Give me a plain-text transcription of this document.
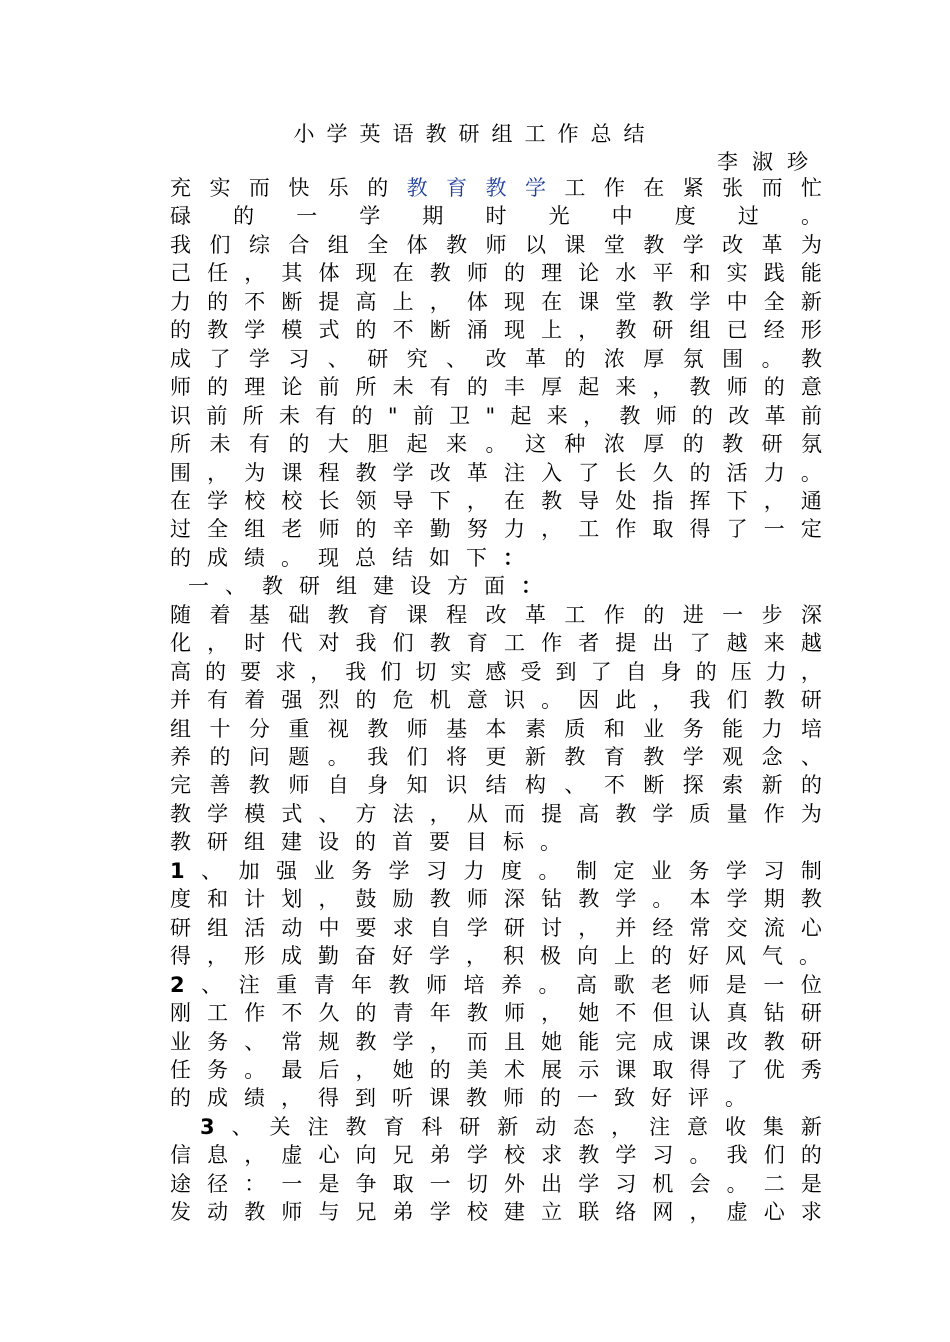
小学英语教研组工作总结
李淑珍
充 实 而 快 乐 的 教 育 教 学 工 作 在 紧 张 而 忙
碌 的 一 学 期 时 光 中 度 过 。
我 们 综 合 组 全 体 教 师 以 课 堂 教 学 改 革 为
己 任 ， 其 体 现 在 教 师 的 理 论 水 平 和 实 践 能
力 的 不 断 提 高 上 ， 体 现 在 课 堂 教 学 中 全 新
的 教 学 模 式 的 不 断 涌 现 上 ， 教 研 组 已 经 形
成 了 学 习 、 研 究 、 改 革 的 浓 厚 氛 围 。 教
师 的 理 论 前 所 未 有 的 丰 厚 起 来 ， 教 师 的 意
识 前 所 未 有 的 " 前 卫 " 起 来 ， 教 师 的 改 革 前
所 未 有 的 大 胆 起 来 。 这 种 浓 厚 的 教 研 氛
围 ， 为 课 程 教 学 改 革 注 入 了 长 久 的 活 力 。
在 学 校 校 长 领 导 下 ， 在 教 导 处 指 挥 下 ， 通
过 全 组 老 师 的 辛 勤 努 力 ， 工 作 取 得 了 一 定
的 成 绩 。 现 总 结 如 下 ：
一 、 教 研 组 建 设 方 面 ：
随 着 基 础 教 育 课 程 改 革 工 作 的 进 一 步 深
化 ， 时 代 对 我 们 教 育 工 作 者 提 出 了 越 来 越
高 的 要 求 ， 我 们 切 实 感 受 到 了 自 身 的 压 力 ，
并 有 着 强 烈 的 危 机 意 识 。 因 此 ， 我 们 教 研
组 十 分 重 视 教 师 基 本 素 质 和 业 务 能 力 培
养 的 问 题 。 我 们 将 更 新 教 育 教 学 观 念 、
完 善 教 师 自 身 知 识 结 构 、 不 断 探 索 新 的
教 学 模 式 、 方 法 ， 从 而 提 高 教 学 质 量 作 为
教 研 组 建 设 的 首 要 目 标 。
1 、 加 强 业 务 学 习 力 度 。 制 定 业 务 学 习 制
度 和 计 划 ， 鼓 励 教 师 深 钻 教 学 。 本 学 期 教
研 组 活 动 中 要 求 自 学 研 讨 ， 并 经 常 交 流 心
得 ， 形 成 勤 奋 好 学 ， 积 极 向 上 的 好 风 气 。
2 、 注 重 青 年 教 师 培 养 。 高 歌 老 师 是 一 位
刚 工 作 不 久 的 青 年 教 师 ， 她 不 但 认 真 钻 研
业 务 、 常 规 教 学 ， 而 且 她 能 完 成 课 改 教 研
任 务 。 最 后 ， 她 的 美 术 展 示 课 取 得 了 优 秀
的 成 绩 ， 得 到 听 课 教 师 的 一 致 好 评 。
3 、 关 注 教 育 科 研 新 动 态 ， 注 意 收 集 新
信 息 ， 虚 心 向 兄 弟 学 校 求 教 学 习 。 我 们 的
途 径 ： 一 是 争 取 一 切 外 出 学 习 机 会 。 二 是
发 动 教 师 与 兄 弟 学 校 建 立 联 络 网 ， 虚 心 求
